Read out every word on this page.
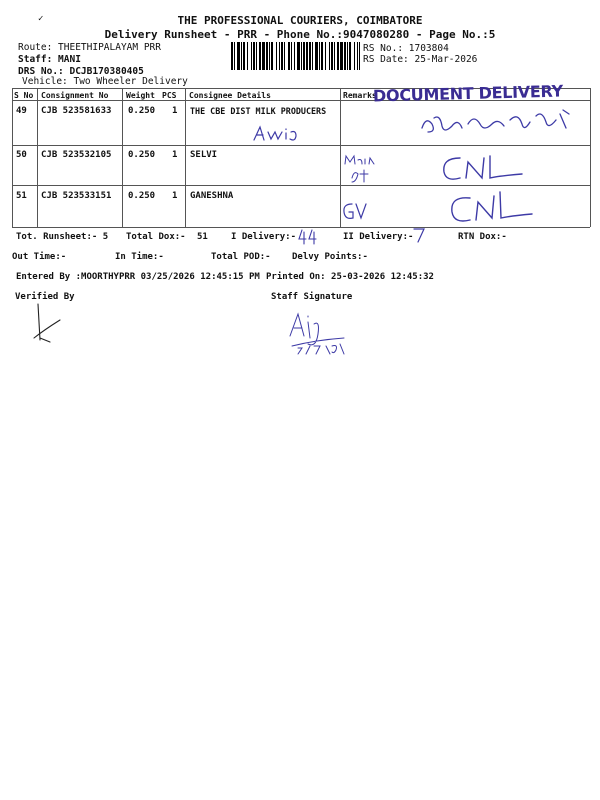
✓	THE PROFESSIONAL COURIERS, COIMBATORE
Delivery Runsheet - PRR - Phone No.:9047080280 - Page No.:5
Route: THEETHIPALAYAM PRR
Staff: MANI
DRS No.: DCJB170380405
Vehicle: Two Wheeler Delivery
RS No.: 1703804
RS Date: 25-Mar-2026
S No Consignment No Weight PCS Consignee Details	Remarks
DOCUMENT DELIVERY
49 CJB 523581633 0.250 1 THE CBE DIST MILK PRODUCERS
50 CJB 523532105 0.250 1 SELVI
51 CJB 523533151 0.250 1 GANESHNA
Tot. Runsheet:- 5 Total Dox:- 51	I Delivery:-	II Delivery:-	RTN Dox:-
Out Time:-	In Time:-	Total POD:- Delvy Points:-
Entered By :MOORTHYPRR 03/25/2026 12:45:15 PM Printed On: 25-03-2026 12:45:32
Verified By	Staff Signature
